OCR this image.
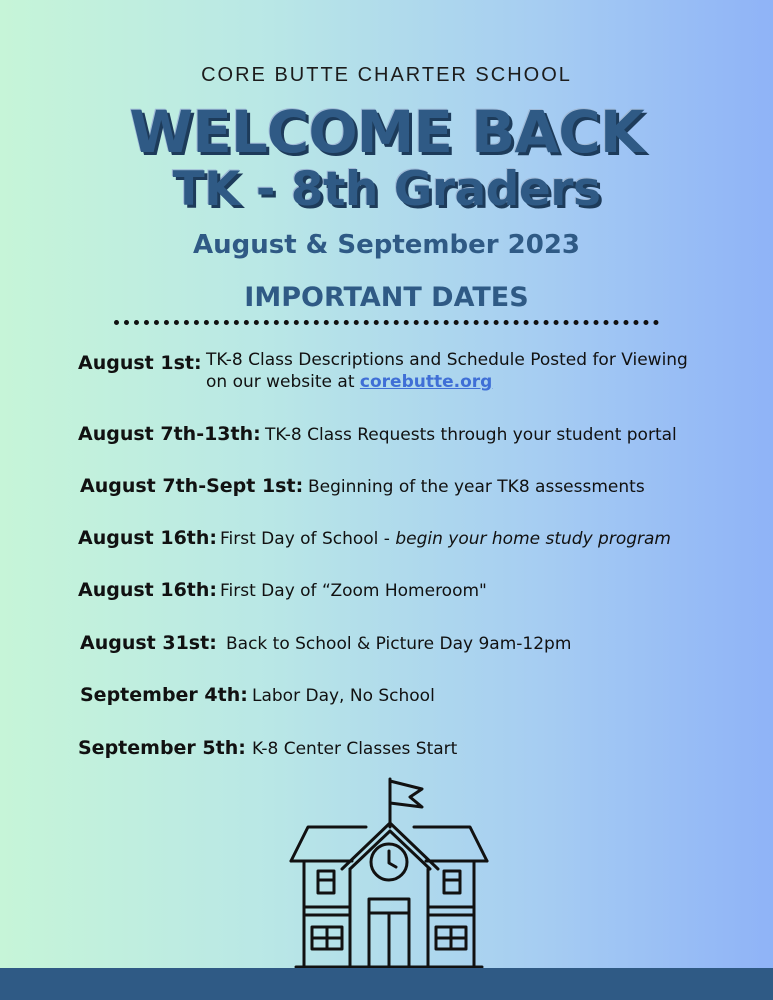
CORE BUTTE CHARTER SCHOOL
WELCOME BACK
TK - 8th Graders
August & September 2023
IMPORTANT DATES
August 1st: TK-8 Class Descriptions and Schedule Posted for Viewing
on our website at corebutte.org
August 7th-13th: TK-8 Class Requests through your student portal
August 7th-Sept 1st: Beginning of the year TK8 assessments
August 16th: First Day of School - begin your home study program
August 16th: First Day of “Zoom Homeroom"
August 31st: Back to School & Picture Day 9am-12pm
September 4th: Labor Day, No School
September 5th: K-8 Center Classes Start
